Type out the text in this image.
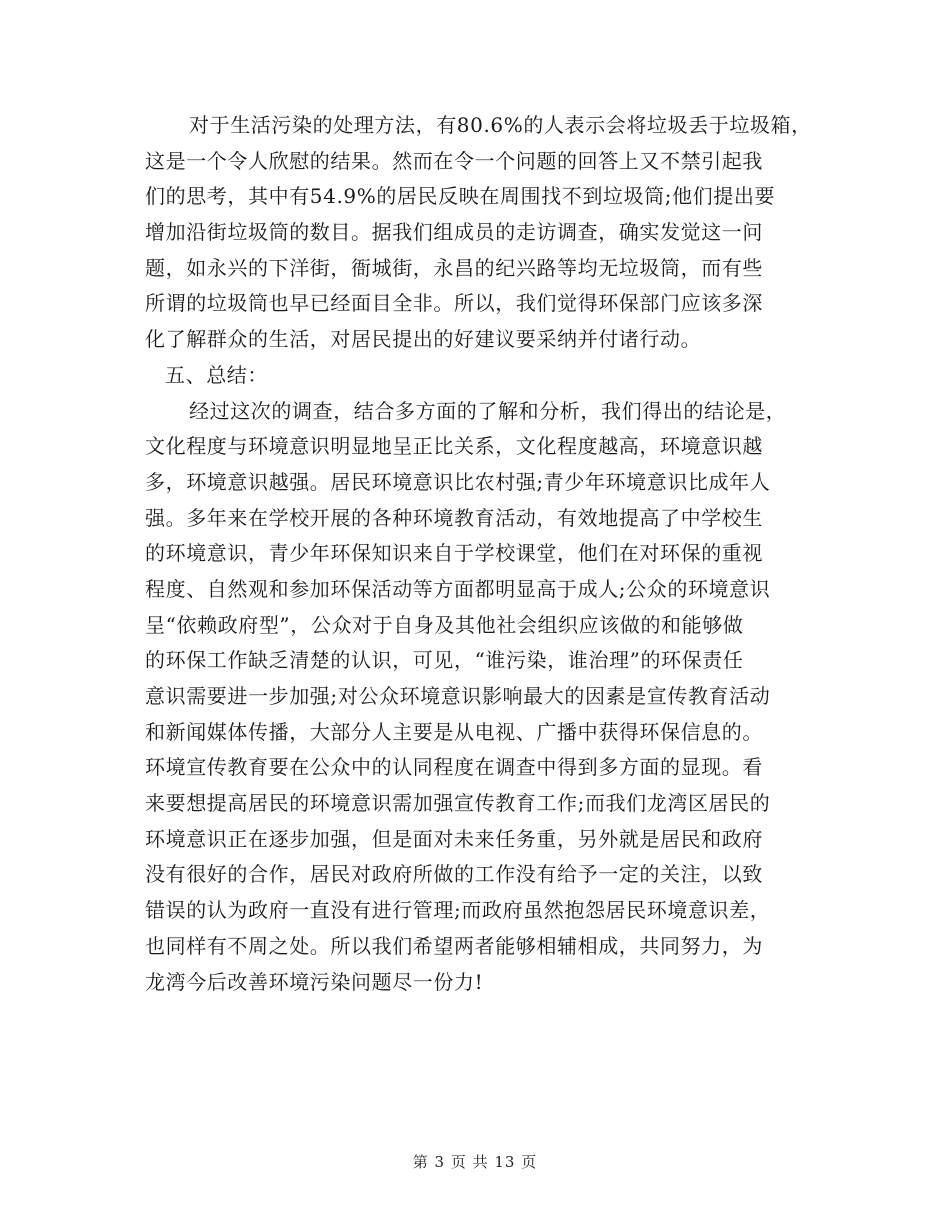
对于生活污染的处理方法，有80.6%的人表示会将垃圾丢于垃圾箱，
这是一个令人欣慰的结果。然而在令一个问题的回答上又不禁引起我
们的思考，其中有54.9%的居民反映在周围找不到垃圾筒;他们提出要
增加沿街垃圾筒的数目。据我们组成员的走访调查，确实发觉这一问
题，如永兴的下洋街，衙城街，永昌的纪兴路等均无垃圾筒，而有些
所谓的垃圾筒也早已经面目全非。所以，我们觉得环保部门应该多深
化了解群众的生活，对居民提出的好建议要采纳并付诸行动。
五、总结：
经过这次的调查，结合多方面的了解和分析，我们得出的结论是，
文化程度与环境意识明显地呈正比关系，文化程度越高，环境意识越
多，环境意识越强。居民环境意识比农村强;青少年环境意识比成年人
强。多年来在学校开展的各种环境教育活动，有效地提高了中学校生
的环境意识，青少年环保知识来自于学校课堂，他们在对环保的重视
程度、自然观和参加环保活动等方面都明显高于成人;公众的环境意识
呈“依赖政府型”，公众对于自身及其他社会组织应该做的和能够做
的环保工作缺乏清楚的认识，可见，“谁污染，谁治理”的环保责任
意识需要进一步加强;对公众环境意识影响最大的因素是宣传教育活动
和新闻媒体传播，大部分人主要是从电视、广播中获得环保信息的。
环境宣传教育要在公众中的认同程度在调查中得到多方面的显现。看
来要想提高居民的环境意识需加强宣传教育工作;而我们龙湾区居民的
环境意识正在逐步加强，但是面对未来任务重，另外就是居民和政府
没有很好的合作，居民对政府所做的工作没有给予一定的关注，以致
错误的认为政府一直没有进行管理;而政府虽然抱怨居民环境意识差，
也同样有不周之处。所以我们希望两者能够相辅相成，共同努力，为
龙湾今后改善环境污染问题尽一份力!
第 3 页 共 13 页
